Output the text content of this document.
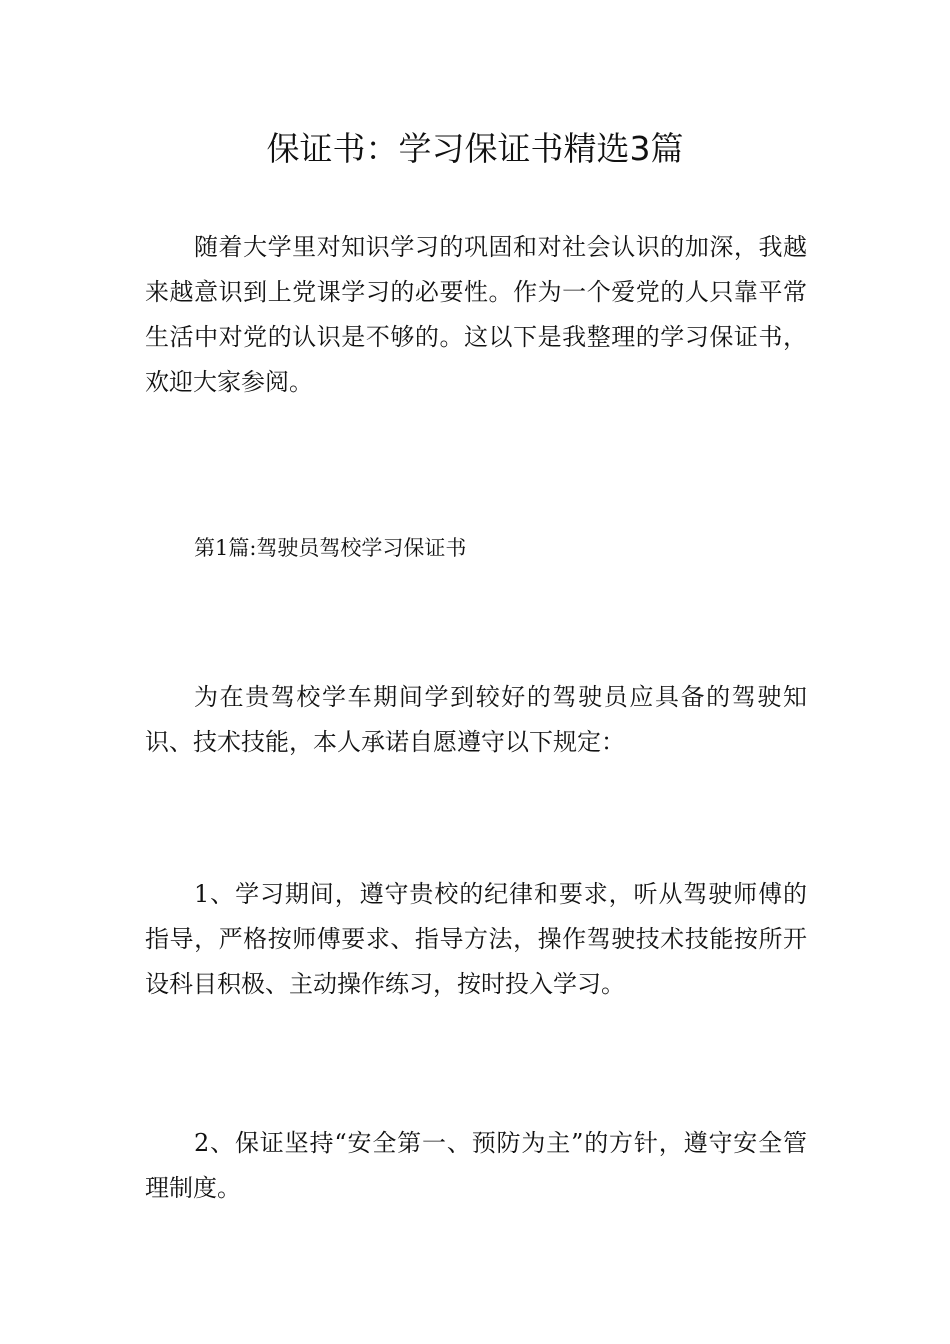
保证书：学习保证书精选3篇

随着大学里对知识学习的巩固和对社会认识的加深，我越来越意识到上党课学习的必要性。作为一个爱党的人只靠平常生活中对党的认识是不够的。这以下是我整理的学习保证书，欢迎大家参阅。

第1篇:驾驶员驾校学习保证书

为在贵驾校学车期间学到较好的驾驶员应具备的驾驶知识、技术技能，本人承诺自愿遵守以下规定：

1、学习期间，遵守贵校的纪律和要求，听从驾驶师傅的指导，严格按师傅要求、指导方法，操作驾驶技术技能按所开设科目积极、主动操作练习，按时投入学习。

2、保证坚持“安全第一、预防为主”的方针，遵守安全管理制度。
